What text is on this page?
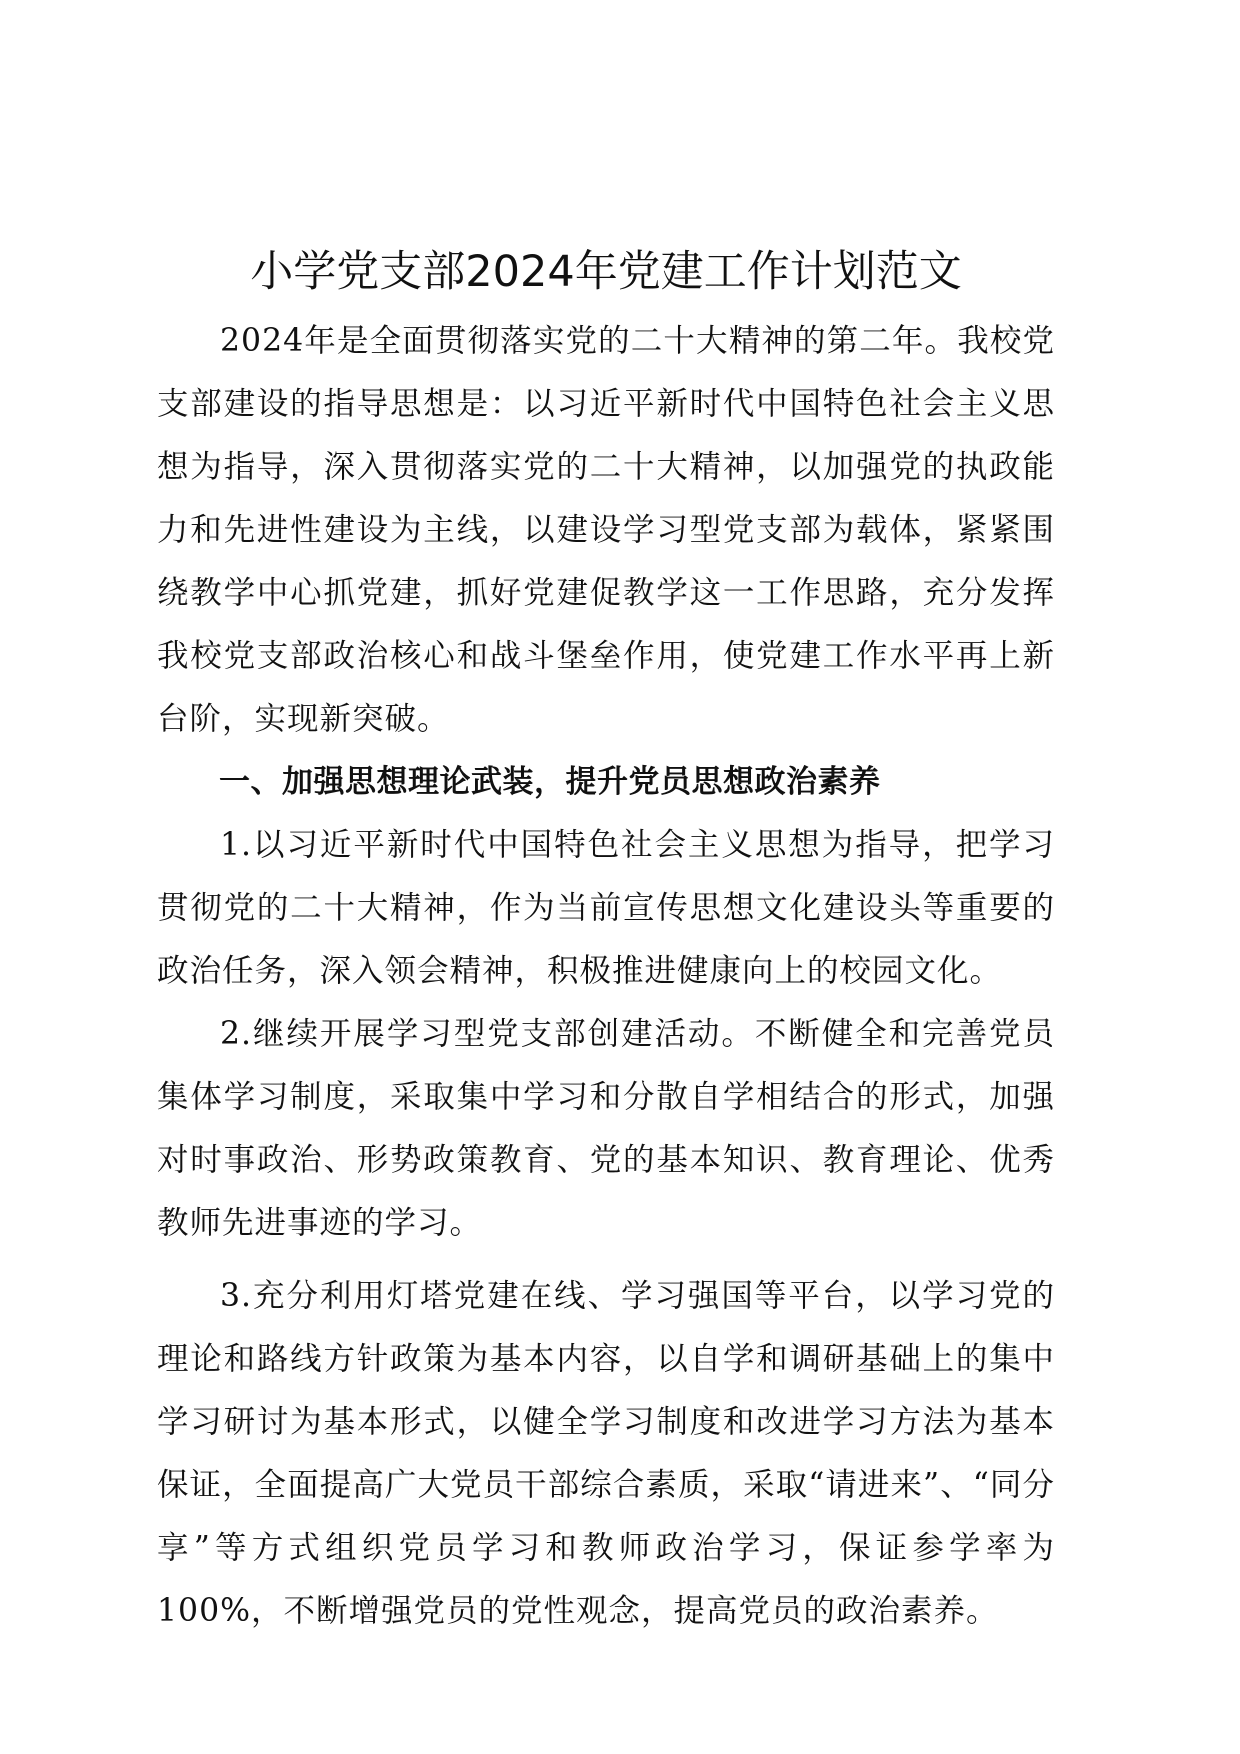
小学党支部2024年党建工作计划范文

2024年是全面贯彻落实党的二十大精神的第二年。我校党支部建设的指导思想是：以习近平新时代中国特色社会主义思想为指导，深入贯彻落实党的二十大精神，以加强党的执政能力和先进性建设为主线，以建设学习型党支部为载体，紧紧围绕教学中心抓党建，抓好党建促教学这一工作思路，充分发挥我校党支部政治核心和战斗堡垒作用，使党建工作水平再上新台阶，实现新突破。

一、加强思想理论武装，提升党员思想政治素养

1.以习近平新时代中国特色社会主义思想为指导，把学习贯彻党的二十大精神，作为当前宣传思想文化建设头等重要的政治任务，深入领会精神，积极推进健康向上的校园文化。

2.继续开展学习型党支部创建活动。不断健全和完善党员集体学习制度，采取集中学习和分散自学相结合的形式，加强对时事政治、形势政策教育、党的基本知识、教育理论、优秀教师先进事迹的学习。

3.充分利用灯塔党建在线、学习强国等平台，以学习党的理论和路线方针政策为基本内容，以自学和调研基础上的集中学习研讨为基本形式，以健全学习制度和改进学习方法为基本保证，全面提高广大党员干部综合素质，采取“请进来”、“同分享”等方式组织党员学习和教师政治学习，保证参学率为100%，不断增强党员的党性观念，提高党员的政治素养。
